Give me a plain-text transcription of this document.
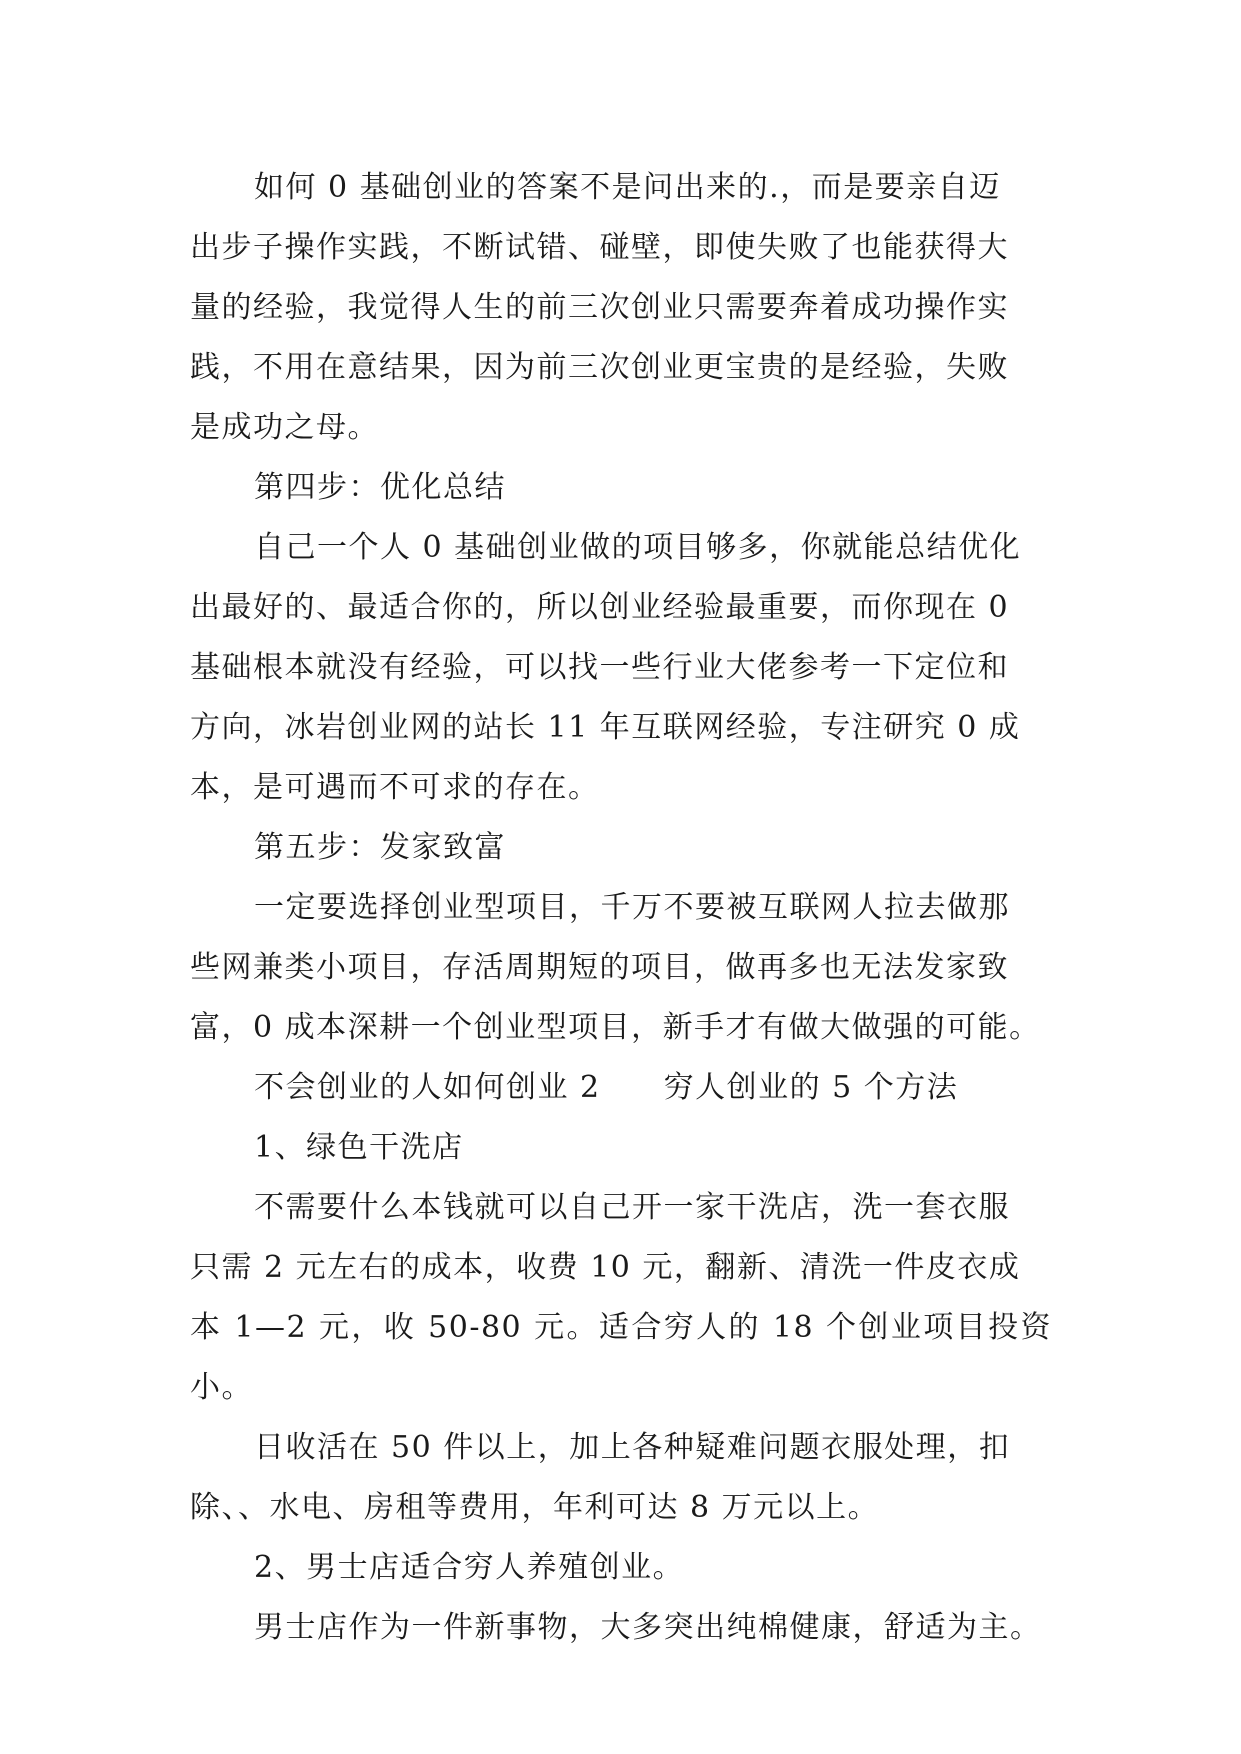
如何 0 基础创业的答案不是问出来的.，而是要亲自迈
出步子操作实践，不断试错、碰壁，即使失败了也能获得大
量的经验，我觉得人生的前三次创业只需要奔着成功操作实
践，不用在意结果，因为前三次创业更宝贵的是经验，失败
是成功之母。

第四步：优化总结

自己一个人 0 基础创业做的项目够多，你就能总结优化
出最好的、最适合你的，所以创业经验最重要，而你现在 0
基础根本就没有经验，可以找一些行业大佬参考一下定位和
方向，冰岩创业网的站长 11 年互联网经验，专注研究 0 成
本，是可遇而不可求的存在。

第五步：发家致富

一定要选择创业型项目，千万不要被互联网人拉去做那
些网兼类小项目，存活周期短的项目，做再多也无法发家致
富，0 成本深耕一个创业型项目，新手才有做大做强的可能。

不会创业的人如何创业 2　　穷人创业的 5 个方法

1、绿色干洗店

不需要什么本钱就可以自己开一家干洗店，洗一套衣服
只需 2 元左右的成本，收费 10 元，翻新、清洗一件皮衣成
本 1—2 元，收 50-80 元。适合穷人的 18 个创业项目投资小。

日收活在 50 件以上，加上各种疑难问题衣服处理，扣
除、、水电、房租等费用，年利可达 8 万元以上。

2、男士店适合穷人养殖创业。

男士店作为一件新事物，大多突出纯棉健康，舒适为主。
